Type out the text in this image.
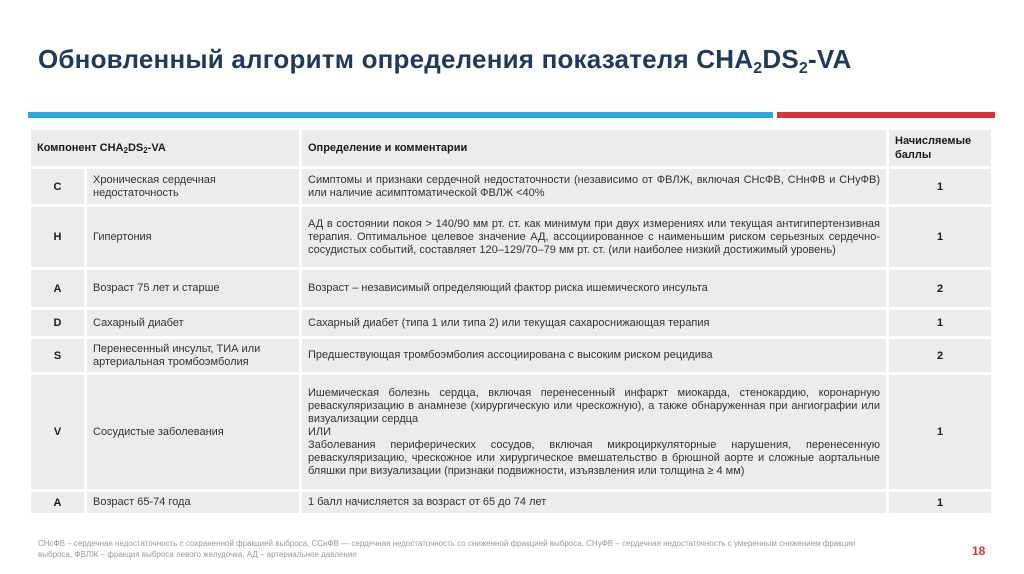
Обновленный алгоритм определения показателя $CHA_2DS_2-VA$
Компонент $CHA_2DS_2-VA$		Определение и комментарии	Начисляемые баллы
C	Хроническая сердечная недостаточность	Симптомы и признаки сердечной недостаточности (независимо от ФВЛЖ, включая СНсФВ, СНнФВ и СНуФВ) или наличие асимптоматической ФВЛЖ <40%	1
H	Гипертония	АД в состоянии покоя > 140/90 мм рт. ст. как минимум при двух измерениях или текущая антигипертензивная терапия. Оптимальное целевое значение АД, ассоциированное с наименьшим риском серьезных сердечно-сосудистых событий, составляет 120–129/70–79 мм рт. ст. (или наиболее низкий достижимый уровень)	1
A	Возраст 75 лет и старше	Возраст – независимый определяющий фактор риска ишемического инсульта	2
D	Сахарный диабет	Сахарный диабет (типа 1 или типа 2) или текущая сахароснижающая терапия	1
S	Перенесенный инсульт, ТИА или артериальная тромбоэмболия	Предшествующая тромбоэмболия ассоциирована с высоким риском рецидива	2
V	Сосудистые заболевания	Ишемическая болезнь сердца, включая перенесенный инфаркт миокарда, стенокардию, коронарную реваскуляризацию в анамнезе (хирургическую или чрескожную), а также обнаруженная при ангиографии или визуализации сердца
ИЛИ
Заболевания периферических сосудов, включая микроциркуляторные нарушения, перенесенную реваскуляризацию, чрескожное или хирургическое вмешательство в брюшной аорте и сложные аортальные бляшки при визуализации (признаки подвижности, изъязвления или толщина ≥ 4 мм)	1
A	Возраст 65-74 года	1 балл начисляется за возраст от 65 до 74 лет	1
СНсФВ – сердечная недостаточность с сохраненной фракцией выброса, ССнФВ — сердечная недостаточность со сниженной фракцией выброса, СНуФВ – сердечная недостаточность с умеренным снижением фракции выброса, ФВЛЖ – фракция выброса левого желудочка, АД – артериальное давление	18
